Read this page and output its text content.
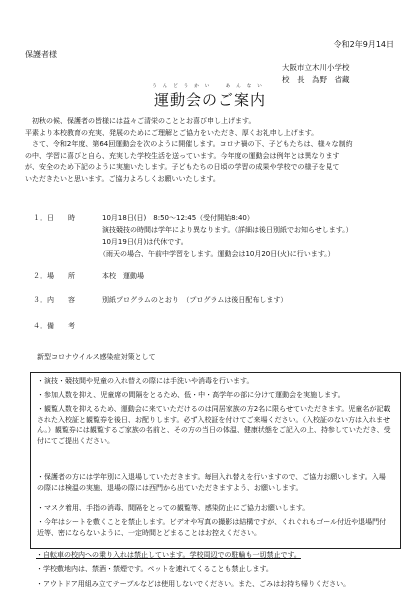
令和2年9月14日
保護者様
大阪市立木川小学校
校　長　為野　省藏
うんどうかい　あんない
運動会のご案内

　初秋の候、保護者の皆様には益々ご清栄のこととお喜び申し上げます。

平素より本校教育の充実、発展のためにご理解とご協力をいただき、厚くお礼申し上げます。

　さて、令和2年度、第64回運動会を次のように開催します。コロナ禍の下、子どもたちは、様々な制約

の中、学習に喜びと自ら、充実した学校生活を送っています。今年度の運動会は例年とは異なります

が、安全のため下記のように実施いたします。子どもたちの日頃の学習の成果や学校での様子を見て

いただきたいと思います。ご協力よろしくお願いいたします。

１．日　　時	10月18日(日)　8:50～12:45（受付開始8:40）
演技競技の時間は学年により異なります。（詳細は後日別紙でお知らせします。）
10月19日(月)は代休です。
（雨天の場合、午前中学習をします。運動会は10月20日(火)に行います。）
２．場　　所	本校　運動場
３．内　　容	別紙プログラムのとおり　（プログラムは後日配布します）
４．備　　考
新型コロナウイルス感染症対策として
・演技・競技間や児童の入れ替えの際には手洗いや消毒を行います。
・参加人数を抑え、児童席の間隔をとるため、低・中・高学年の部に分けて運動会を実施します。
・観覧人数を抑えるため、運動会に来ていただけるのは同居家族の方2名に限らせていただきます。児童名が記載された入校証と観覧券を後日、お配りします。必ず入校証を付けてご来場ください。（入校証のない方は入れません。）観覧券には観覧するご家族の名前と、その方の当日の体温、健康状態をご記入の上、持参していただき、受付にてご提出ください。
・保護者の方には学年別に入退場していただきます。毎回入れ替えを行いますので、ご協力お願いします。入場の際には検温の実施、退場の際には西門から出ていただきますよう、お願いします。
・マスク着用、手指の消毒、間隔をとっての観覧等、感染防止にご協力お願いします。
・今年はシートを敷くことを禁止します。ビデオや写真の撮影は結構ですが、くれぐれもゴール付近や退場門付近等、密にならないように、一定時間とどまることはお控えください。
・自転車の校内への乗り入れは禁止しています。学校周辺での駐輪も一切禁止です。
・学校敷地内は、禁酒・禁煙です。ペットを連れてくることも禁止します。
・アウトドア用組み立てテーブルなどは使用しないでください。また、ごみはお持ち帰りください。
